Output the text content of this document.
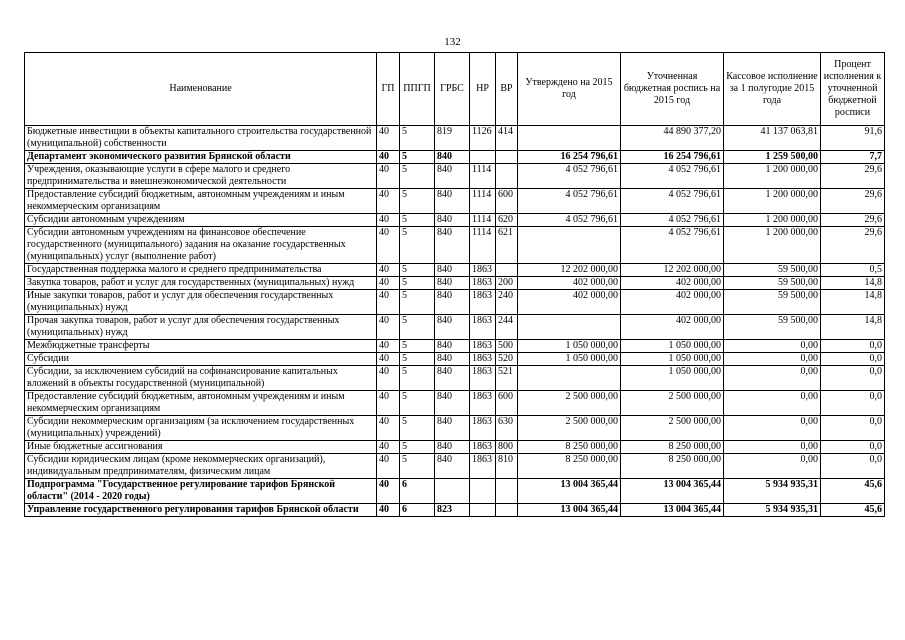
132
Наименование	ГП	ППГП	ГРБС	НР	ВР	Утверждено на 2015 год	Уточненная бюджетная роспись на 2015 год	Кассовое исполнение за 1 полугодие 2015 года	Процент исполнения к уточненной бюджетной росписи
Бюджетные инвестиции в объекты капитального строительства государственной (муниципальной) собственности	40	5	819	1126	414		44 890 377,20	41 137 063,81	91,6
Департамент экономического развития Брянской области	40	5	840			16 254 796,61	16 254 796,61	1 259 500,00	7,7
Учреждения, оказывающие услуги в сфере малого и среднего предпринимательства и внешнеэкономической деятельности	40	5	840	1114		4 052 796,61	4 052 796,61	1 200 000,00	29,6
Предоставление субсидий бюджетным, автономным учреждениям и иным некоммерческим организациям	40	5	840	1114	600	4 052 796,61	4 052 796,61	1 200 000,00	29,6
Субсидии автономным учреждениям	40	5	840	1114	620	4 052 796,61	4 052 796,61	1 200 000,00	29,6
Субсидии автономным учреждениям на финансовое обеспечение государственного (муниципального) задания на оказание государственных (муниципальных) услуг (выполнение работ)	40	5	840	1114	621		4 052 796,61	1 200 000,00	29,6
Государственная поддержка малого и среднего предпринимательства	40	5	840	1863		12 202 000,00	12 202 000,00	59 500,00	0,5
Закупка товаров, работ и услуг для государственных (муниципальных) нужд	40	5	840	1863	200	402 000,00	402 000,00	59 500,00	14,8
Иные закупки товаров, работ и услуг для обеспечения государственных (муниципальных) нужд	40	5	840	1863	240	402 000,00	402 000,00	59 500,00	14,8
Прочая закупка товаров, работ и услуг для обеспечения государственных (муниципальных) нужд	40	5	840	1863	244		402 000,00	59 500,00	14,8
Межбюджетные трансферты	40	5	840	1863	500	1 050 000,00	1 050 000,00	0,00	0,0
Субсидии	40	5	840	1863	520	1 050 000,00	1 050 000,00	0,00	0,0
Субсидии, за исключением субсидий на софинансирование капитальных вложений в объекты государственной (муниципальной)	40	5	840	1863	521		1 050 000,00	0,00	0,0
Предоставление субсидий бюджетным, автономным учреждениям и иным некоммерческим организациям	40	5	840	1863	600	2 500 000,00	2 500 000,00	0,00	0,0
Субсидии некоммерческим организациям (за исключением государственных (муниципальных) учреждений)	40	5	840	1863	630	2 500 000,00	2 500 000,00	0,00	0,0
Иные бюджетные ассигнования	40	5	840	1863	800	8 250 000,00	8 250 000,00	0,00	0,0
Субсидии юридическим лицам (кроме некоммерческих организаций), индивидуальным предпринимателям, физическим лицам	40	5	840	1863	810	8 250 000,00	8 250 000,00	0,00	0,0
Подпрограмма "Государственное регулирование тарифов Брянской области" (2014 - 2020 годы)	40	6				13 004 365,44	13 004 365,44	5 934 935,31	45,6
Управление государственного регулирования тарифов Брянской области	40	6	823			13 004 365,44	13 004 365,44	5 934 935,31	45,6
